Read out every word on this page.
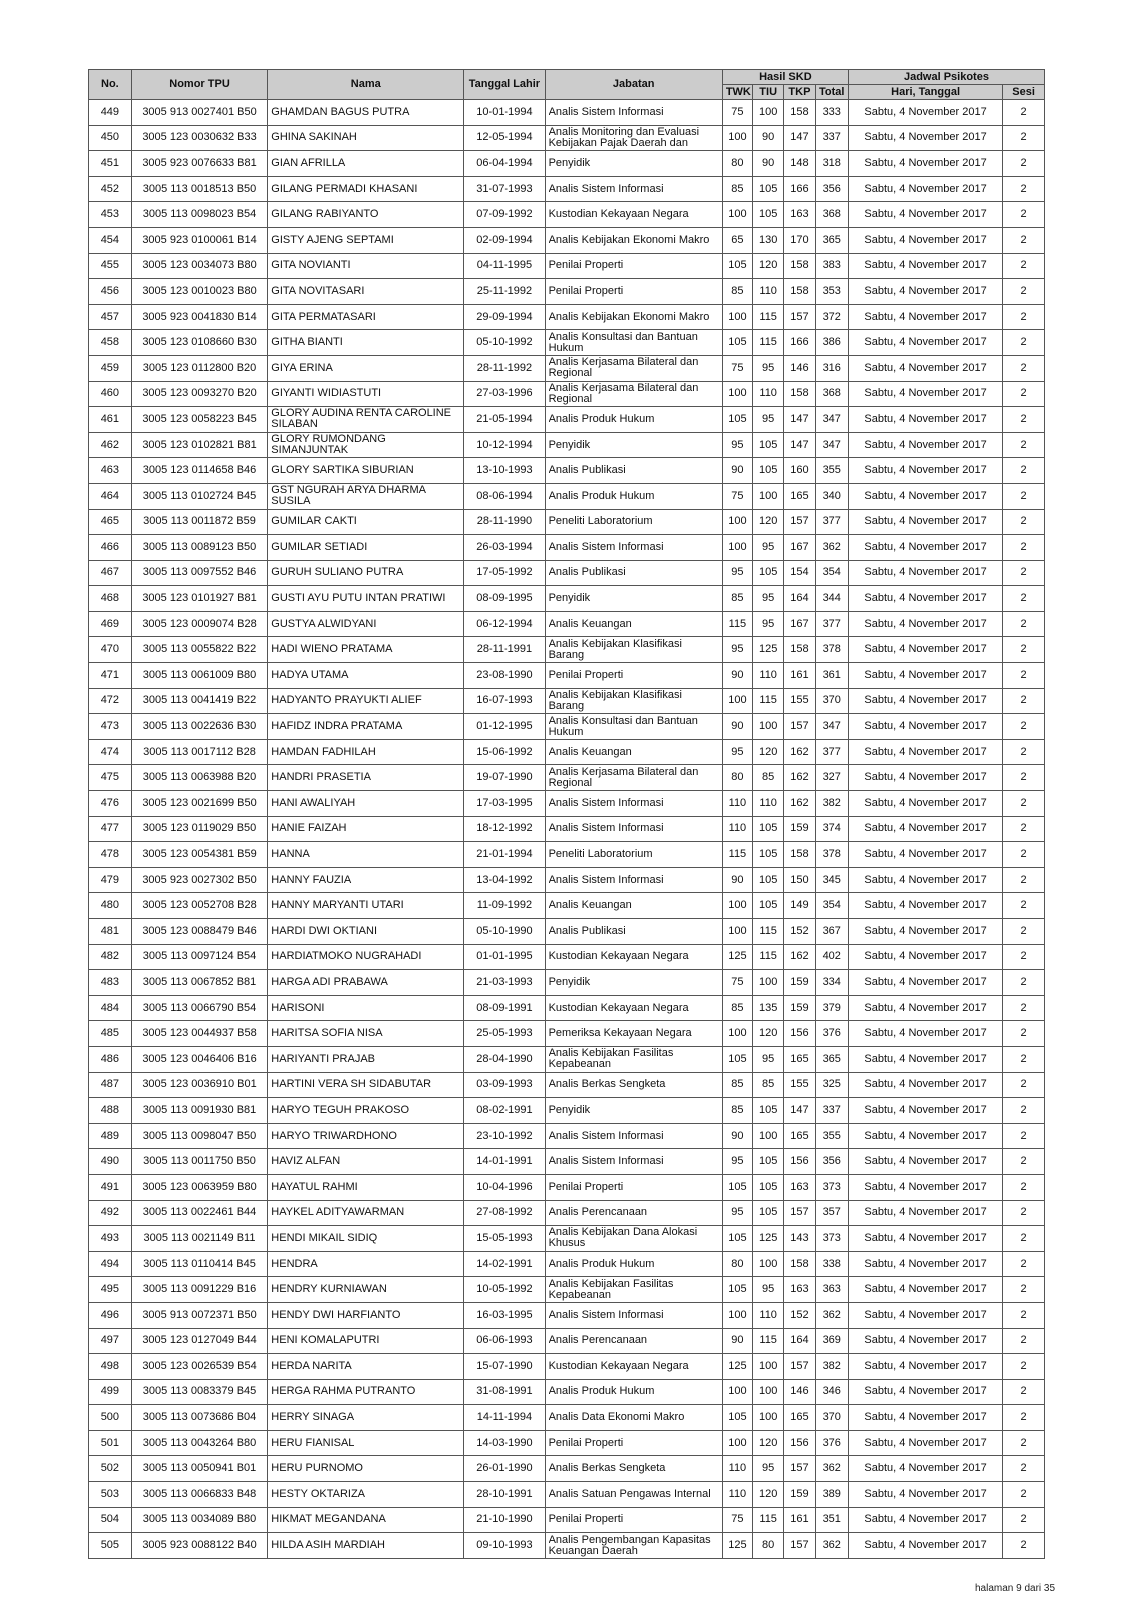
No.	Nomor TPU	Nama	Tanggal Lahir	Jabatan	Hasil SKD				Jadwal Psikotes	
					TWK	TIU	TKP	Total	Hari, Tanggal	Sesi
449	3005 913 0027401 B50	GHAMDAN BAGUS PUTRA	10-01-1994	Analis Sistem Informasi	75	100	158	333	Sabtu, 4 November 2017	2
450	3005 123 0030632 B33	GHINA SAKINAH	12-05-1994	Analis Monitoring dan Evaluasi Kebijakan Pajak Daerah dan	100	90	147	337	Sabtu, 4 November 2017	2
451	3005 923 0076633 B81	GIAN AFRILLA	06-04-1994	Penyidik	80	90	148	318	Sabtu, 4 November 2017	2
452	3005 113 0018513 B50	GILANG PERMADI KHASANI	31-07-1993	Analis Sistem Informasi	85	105	166	356	Sabtu, 4 November 2017	2
453	3005 113 0098023 B54	GILANG RABIYANTO	07-09-1992	Kustodian Kekayaan Negara	100	105	163	368	Sabtu, 4 November 2017	2
454	3005 923 0100061 B14	GISTY AJENG SEPTAMI	02-09-1994	Analis Kebijakan Ekonomi Makro	65	130	170	365	Sabtu, 4 November 2017	2
455	3005 123 0034073 B80	GITA NOVIANTI	04-11-1995	Penilai Properti	105	120	158	383	Sabtu, 4 November 2017	2
456	3005 123 0010023 B80	GITA NOVITASARI	25-11-1992	Penilai Properti	85	110	158	353	Sabtu, 4 November 2017	2
457	3005 923 0041830 B14	GITA PERMATASARI	29-09-1994	Analis Kebijakan Ekonomi Makro	100	115	157	372	Sabtu, 4 November 2017	2
458	3005 123 0108660 B30	GITHA BIANTI	05-10-1992	Analis Konsultasi dan Bantuan Hukum	105	115	166	386	Sabtu, 4 November 2017	2
459	3005 123 0112800 B20	GIYA ERINA	28-11-1992	Analis Kerjasama Bilateral dan Regional	75	95	146	316	Sabtu, 4 November 2017	2
460	3005 123 0093270 B20	GIYANTI WIDIASTUTI	27-03-1996	Analis Kerjasama Bilateral dan Regional	100	110	158	368	Sabtu, 4 November 2017	2
461	3005 123 0058223 B45	GLORY AUDINA RENTA CAROLINE SILABAN	21-05-1994	Analis Produk Hukum	105	95	147	347	Sabtu, 4 November 2017	2
462	3005 123 0102821 B81	GLORY RUMONDANG SIMANJUNTAK	10-12-1994	Penyidik	95	105	147	347	Sabtu, 4 November 2017	2
463	3005 123 0114658 B46	GLORY SARTIKA SIBURIAN	13-10-1993	Analis Publikasi	90	105	160	355	Sabtu, 4 November 2017	2
464	3005 113 0102724 B45	GST NGURAH ARYA DHARMA SUSILA	08-06-1994	Analis Produk Hukum	75	100	165	340	Sabtu, 4 November 2017	2
465	3005 113 0011872 B59	GUMILAR CAKTI	28-11-1990	Peneliti Laboratorium	100	120	157	377	Sabtu, 4 November 2017	2
466	3005 113 0089123 B50	GUMILAR SETIADI	26-03-1994	Analis Sistem Informasi	100	95	167	362	Sabtu, 4 November 2017	2
467	3005 113 0097552 B46	GURUH SULIANO PUTRA	17-05-1992	Analis Publikasi	95	105	154	354	Sabtu, 4 November 2017	2
468	3005 123 0101927 B81	GUSTI AYU PUTU INTAN PRATIWI	08-09-1995	Penyidik	85	95	164	344	Sabtu, 4 November 2017	2
469	3005 123 0009074 B28	GUSTYA ALWIDYANI	06-12-1994	Analis Keuangan	115	95	167	377	Sabtu, 4 November 2017	2
470	3005 113 0055822 B22	HADI WIENO PRATAMA	28-11-1991	Analis Kebijakan Klasifikasi Barang	95	125	158	378	Sabtu, 4 November 2017	2
471	3005 113 0061009 B80	HADYA UTAMA	23-08-1990	Penilai Properti	90	110	161	361	Sabtu, 4 November 2017	2
472	3005 113 0041419 B22	HADYANTO PRAYUKTI ALIEF	16-07-1993	Analis Kebijakan Klasifikasi Barang	100	115	155	370	Sabtu, 4 November 2017	2
473	3005 113 0022636 B30	HAFIDZ INDRA PRATAMA	01-12-1995	Analis Konsultasi dan Bantuan Hukum	90	100	157	347	Sabtu, 4 November 2017	2
474	3005 113 0017112 B28	HAMDAN FADHILAH	15-06-1992	Analis Keuangan	95	120	162	377	Sabtu, 4 November 2017	2
475	3005 113 0063988 B20	HANDRI PRASETIA	19-07-1990	Analis Kerjasama Bilateral dan Regional	80	85	162	327	Sabtu, 4 November 2017	2
476	3005 123 0021699 B50	HANI AWALIYAH	17-03-1995	Analis Sistem Informasi	110	110	162	382	Sabtu, 4 November 2017	2
477	3005 123 0119029 B50	HANIE FAIZAH	18-12-1992	Analis Sistem Informasi	110	105	159	374	Sabtu, 4 November 2017	2
478	3005 123 0054381 B59	HANNA	21-01-1994	Peneliti Laboratorium	115	105	158	378	Sabtu, 4 November 2017	2
479	3005 923 0027302 B50	HANNY FAUZIA	13-04-1992	Analis Sistem Informasi	90	105	150	345	Sabtu, 4 November 2017	2
480	3005 123 0052708 B28	HANNY MARYANTI UTARI	11-09-1992	Analis Keuangan	100	105	149	354	Sabtu, 4 November 2017	2
481	3005 123 0088479 B46	HARDI DWI OKTIANI	05-10-1990	Analis Publikasi	100	115	152	367	Sabtu, 4 November 2017	2
482	3005 113 0097124 B54	HARDIATMOKO NUGRAHADI	01-01-1995	Kustodian Kekayaan Negara	125	115	162	402	Sabtu, 4 November 2017	2
483	3005 113 0067852 B81	HARGA ADI PRABAWA	21-03-1993	Penyidik	75	100	159	334	Sabtu, 4 November 2017	2
484	3005 113 0066790 B54	HARISONI	08-09-1991	Kustodian Kekayaan Negara	85	135	159	379	Sabtu, 4 November 2017	2
485	3005 123 0044937 B58	HARITSA SOFIA NISA	25-05-1993	Pemeriksa Kekayaan Negara	100	120	156	376	Sabtu, 4 November 2017	2
486	3005 123 0046406 B16	HARIYANTI PRAJAB	28-04-1990	Analis Kebijakan Fasilitas Kepabeanan	105	95	165	365	Sabtu, 4 November 2017	2
487	3005 123 0036910 B01	HARTINI VERA SH SIDABUTAR	03-09-1993	Analis Berkas Sengketa	85	85	155	325	Sabtu, 4 November 2017	2
488	3005 113 0091930 B81	HARYO TEGUH PRAKOSO	08-02-1991	Penyidik	85	105	147	337	Sabtu, 4 November 2017	2
489	3005 113 0098047 B50	HARYO TRIWARDHONO	23-10-1992	Analis Sistem Informasi	90	100	165	355	Sabtu, 4 November 2017	2
490	3005 113 0011750 B50	HAVIZ ALFAN	14-01-1991	Analis Sistem Informasi	95	105	156	356	Sabtu, 4 November 2017	2
491	3005 123 0063959 B80	HAYATUL RAHMI	10-04-1996	Penilai Properti	105	105	163	373	Sabtu, 4 November 2017	2
492	3005 113 0022461 B44	HAYKEL ADITYAWARMAN	27-08-1992	Analis Perencanaan	95	105	157	357	Sabtu, 4 November 2017	2
493	3005 113 0021149 B11	HENDI MIKAIL SIDIQ	15-05-1993	Analis Kebijakan Dana Alokasi Khusus	105	125	143	373	Sabtu, 4 November 2017	2
494	3005 113 0110414 B45	HENDRA	14-02-1991	Analis Produk Hukum	80	100	158	338	Sabtu, 4 November 2017	2
495	3005 113 0091229 B16	HENDRY KURNIAWAN	10-05-1992	Analis Kebijakan Fasilitas Kepabeanan	105	95	163	363	Sabtu, 4 November 2017	2
496	3005 913 0072371 B50	HENDY DWI HARFIANTO	16-03-1995	Analis Sistem Informasi	100	110	152	362	Sabtu, 4 November 2017	2
497	3005 123 0127049 B44	HENI KOMALAPUTRI	06-06-1993	Analis Perencanaan	90	115	164	369	Sabtu, 4 November 2017	2
498	3005 123 0026539 B54	HERDA NARITA	15-07-1990	Kustodian Kekayaan Negara	125	100	157	382	Sabtu, 4 November 2017	2
499	3005 113 0083379 B45	HERGA RAHMA PUTRANTO	31-08-1991	Analis Produk Hukum	100	100	146	346	Sabtu, 4 November 2017	2
500	3005 113 0073686 B04	HERRY SINAGA	14-11-1994	Analis Data Ekonomi Makro	105	100	165	370	Sabtu, 4 November 2017	2
501	3005 113 0043264 B80	HERU FIANISAL	14-03-1990	Penilai Properti	100	120	156	376	Sabtu, 4 November 2017	2
502	3005 113 0050941 B01	HERU PURNOMO	26-01-1990	Analis Berkas Sengketa	110	95	157	362	Sabtu, 4 November 2017	2
503	3005 113 0066833 B48	HESTY OKTARIZA	28-10-1991	Analis Satuan Pengawas Internal	110	120	159	389	Sabtu, 4 November 2017	2
504	3005 113 0034089 B80	HIKMAT MEGANDANA	21-10-1990	Penilai Properti	75	115	161	351	Sabtu, 4 November 2017	2
505	3005 923 0088122 B40	HILDA ASIH MARDIAH	09-10-1993	Analis Pengembangan Kapasitas Keuangan Daerah	125	80	157	362	Sabtu, 4 November 2017	2
halaman 9 dari 35
